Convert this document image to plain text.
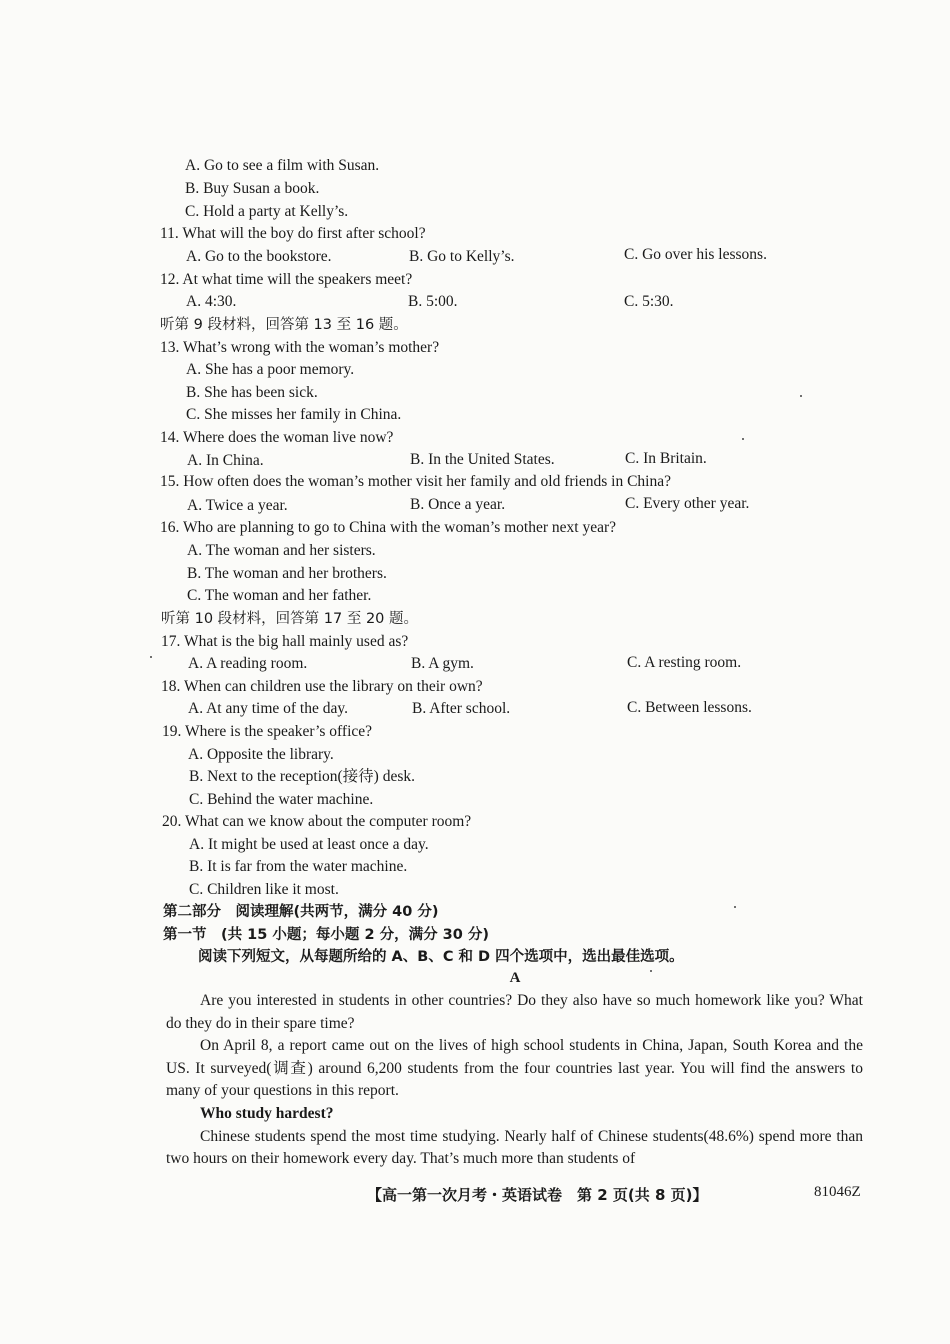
A. Go to see a film with Susan.
B. Buy Susan a book.
C. Hold a party at Kelly’s.
11. What will the boy do first after school?
A. Go to the bookstore.	B. Go to Kelly’s.	C. Go over his lessons.
12. At what time will the speakers meet?
A. 4:30.	B. 5:00.	C. 5:30.
听第 9 段材料，回答第 13 至 16 题。
13. What’s wrong with the woman’s mother?
A. She has a poor memory.
B. She has been sick.
C. She misses her family in China.
14. Where does the woman live now?
A. In China.	B. In the United States.	C. In Britain.
15. How often does the woman’s mother visit her family and old friends in China?
A. Twice a year.	B. Once a year.	C. Every other year.
16. Who are planning to go to China with the woman’s mother next year?
A. The woman and her sisters.
B. The woman and her brothers.
C. The woman and her father.
听第 10 段材料，回答第 17 至 20 题。
17. What is the big hall mainly used as?
A. A reading room.	B. A gym.	C. A resting room.
18. When can children use the library on their own?
A. At any time of the day.	B. After school.	C. Between lessons.
19. Where is the speaker’s office?
A. Opposite the library.
B. Next to the reception(接待) desk.
C. Behind the water machine.
20. What can we know about the computer room?
A. It might be used at least once a day.
B. It is far from the water machine.
C. Children like it most.
第二部分　阅读理解(共两节，满分 40 分)
第一节　(共 15 小题；每小题 2 分，满分 30 分)
阅读下列短文，从每题所给的 A、B、C 和 D 四个选项中，选出最佳选项。
A

Are you interested in students in other countries? Do they also have so much homework like you? What do they do in their spare time?

On April 8, a report came out on the lives of high school students in China, Japan, South Korea and the US. It surveyed(调查) around 6,200 students from the four countries last year. You will find the answers to many of your questions in this report.

Who study hardest?

Chinese students spend the most time studying. Nearly half of Chinese students(48.6%) spend more than two hours on their homework every day. That’s much more than students of

【高一第一次月考・英语试卷　第 2 页(共 8 页)】	81046Z
